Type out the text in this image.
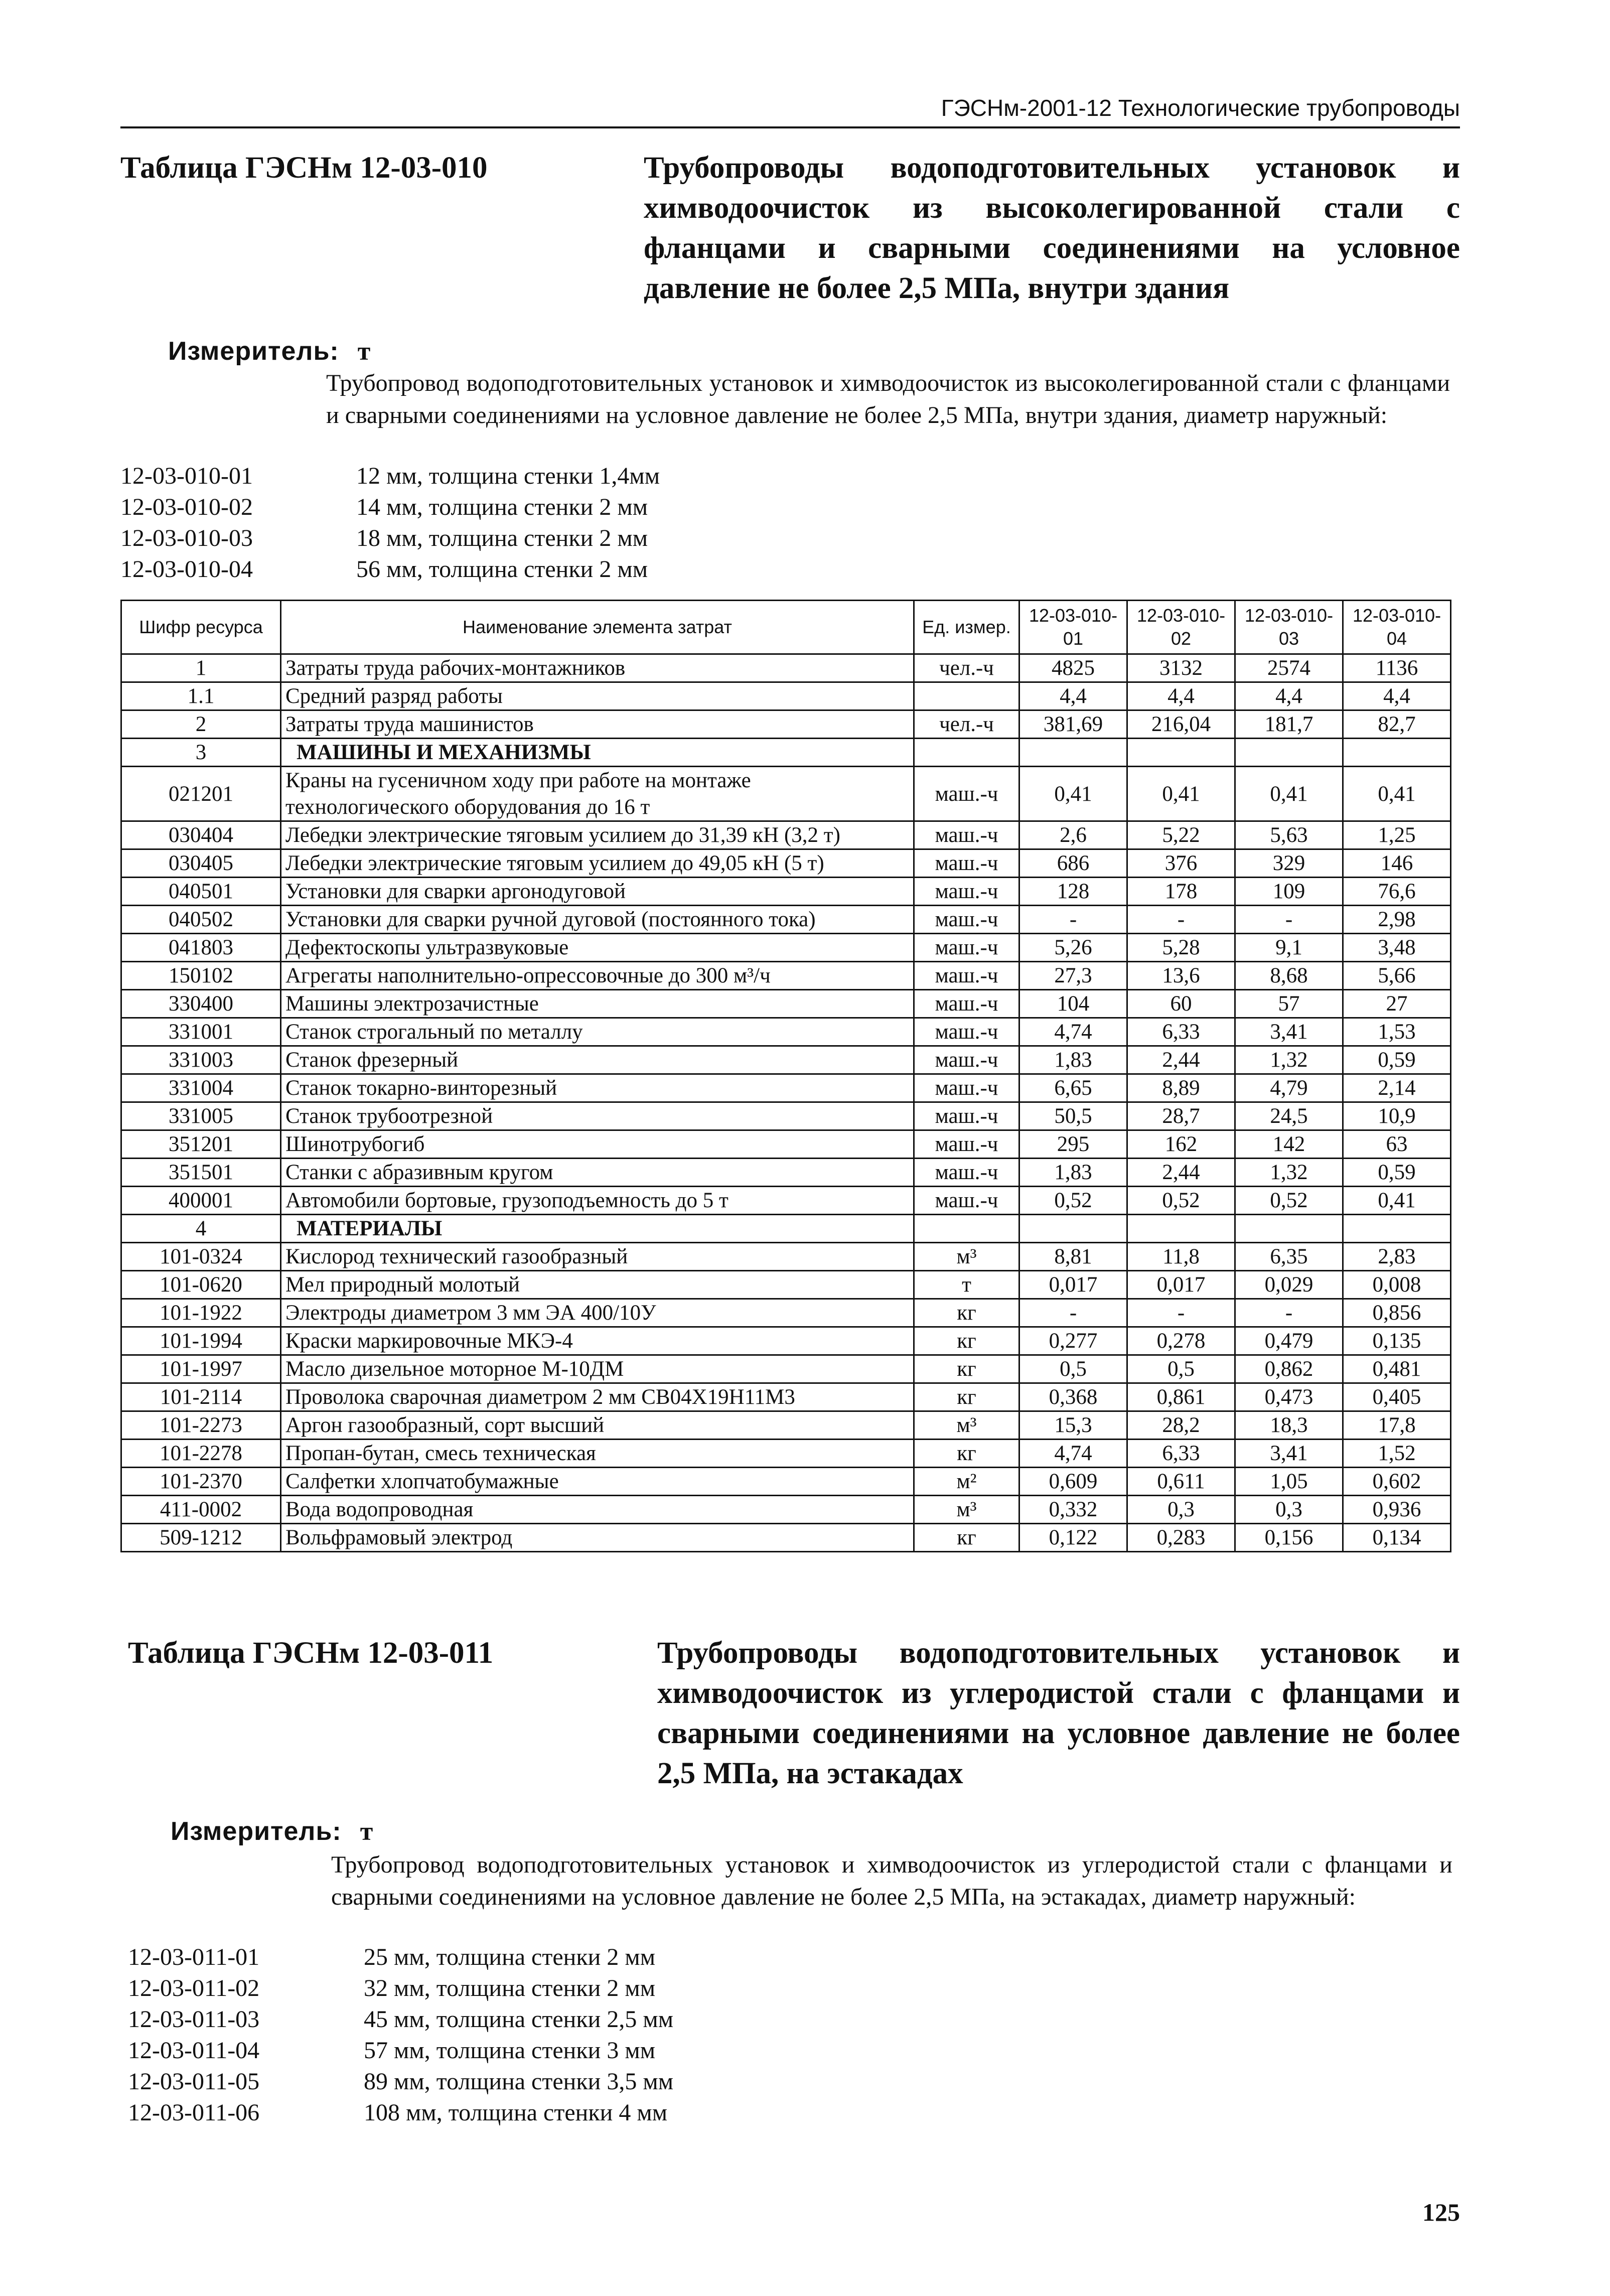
ГЭСНм-2001-12 Технологические трубопроводы
Таблица ГЭСНм 12-03-010	Трубопроводы водоподготовительных установок и химводоочисток из высоколегированной стали с фланцами и сварными соединениями на условное давление не более 2,5 МПа, внутри здания
Измеритель: т
Трубопровод водоподготовительных установок и химводоочисток из высоколегированной стали с фланцами и сварными соединениями на условное давление не более 2,5 МПа, внутри здания, диаметр наружный:
12-03-010-01	12 мм, толщина стенки 1,4мм
12-03-010-02	14 мм, толщина стенки 2 мм
12-03-010-03	18 мм, толщина стенки 2 мм
12-03-010-04	56 мм, толщина стенки 2 мм
Шифр ресурса	Наименование элемента затрат	Ед. измер.	12-03-010-01	12-03-010-02	12-03-010-03	12-03-010-04
1	Затраты труда рабочих-монтажников	чел.-ч	4825	3132	2574	1136
1.1	Средний разряд работы		4,4	4,4	4,4	4,4
2	Затраты труда машинистов	чел.-ч	381,69	216,04	181,7	82,7
3	МАШИНЫ И МЕХАНИЗМЫ					
021201	Краны на гусеничном ходу при работе на монтаже технологического оборудования до 16 т	маш.-ч	0,41	0,41	0,41	0,41
030404	Лебедки электрические тяговым усилием до 31,39 кН (3,2 т)	маш.-ч	2,6	5,22	5,63	1,25
030405	Лебедки электрические тяговым усилием до 49,05 кН (5 т)	маш.-ч	686	376	329	146
040501	Установки для сварки аргонодуговой	маш.-ч	128	178	109	76,6
040502	Установки для сварки ручной дуговой (постоянного тока)	маш.-ч	-	-	-	2,98
041803	Дефектоскопы ультразвуковые	маш.-ч	5,26	5,28	9,1	3,48
150102	Агрегаты наполнительно-опрессовочные до 300 м³/ч	маш.-ч	27,3	13,6	8,68	5,66
330400	Машины электрозачистные	маш.-ч	104	60	57	27
331001	Станок строгальный по металлу	маш.-ч	4,74	6,33	3,41	1,53
331003	Станок фрезерный	маш.-ч	1,83	2,44	1,32	0,59
331004	Станок токарно-винторезный	маш.-ч	6,65	8,89	4,79	2,14
331005	Станок трубоотрезной	маш.-ч	50,5	28,7	24,5	10,9
351201	Шинотрубогиб	маш.-ч	295	162	142	63
351501	Станки с абразивным кругом	маш.-ч	1,83	2,44	1,32	0,59
400001	Автомобили бортовые, грузоподъемность до 5 т	маш.-ч	0,52	0,52	0,52	0,41
4	МАТЕРИАЛЫ					
101-0324	Кислород технический газообразный	м³	8,81	11,8	6,35	2,83
101-0620	Мел природный молотый	т	0,017	0,017	0,029	0,008
101-1922	Электроды диаметром 3 мм ЭА 400/10У	кг	-	-	-	0,856
101-1994	Краски маркировочные МКЭ-4	кг	0,277	0,278	0,479	0,135
101-1997	Масло дизельное моторное М-10ДМ	кг	0,5	0,5	0,862	0,481
101-2114	Проволока сварочная диаметром 2 мм СВ04Х19Н11М3	кг	0,368	0,861	0,473	0,405
101-2273	Аргон газообразный, сорт высший	м³	15,3	28,2	18,3	17,8
101-2278	Пропан-бутан, смесь техническая	кг	4,74	6,33	3,41	1,52
101-2370	Салфетки хлопчатобумажные	м²	0,609	0,611	1,05	0,602
411-0002	Вода водопроводная	м³	0,332	0,3	0,3	0,936
509-1212	Вольфрамовый электрод	кг	0,122	0,283	0,156	0,134
Таблица ГЭСНм 12-03-011	Трубопроводы водоподготовительных установок и химводоочисток из углеродистой стали с фланцами и сварными соединениями на условное давление не более 2,5 МПа, на эстакадах
Измеритель: т
Трубопровод водоподготовительных установок и химводоочисток из углеродистой стали с фланцами и сварными соединениями на условное давление не более 2,5 МПа, на эстакадах, диаметр наружный:
12-03-011-01	25 мм, толщина стенки 2 мм
12-03-011-02	32 мм, толщина стенки 2 мм
12-03-011-03	45 мм, толщина стенки 2,5 мм
12-03-011-04	57 мм, толщина стенки 3 мм
12-03-011-05	89 мм, толщина стенки 3,5 мм
12-03-011-06	108 мм, толщина стенки 4 мм
125
